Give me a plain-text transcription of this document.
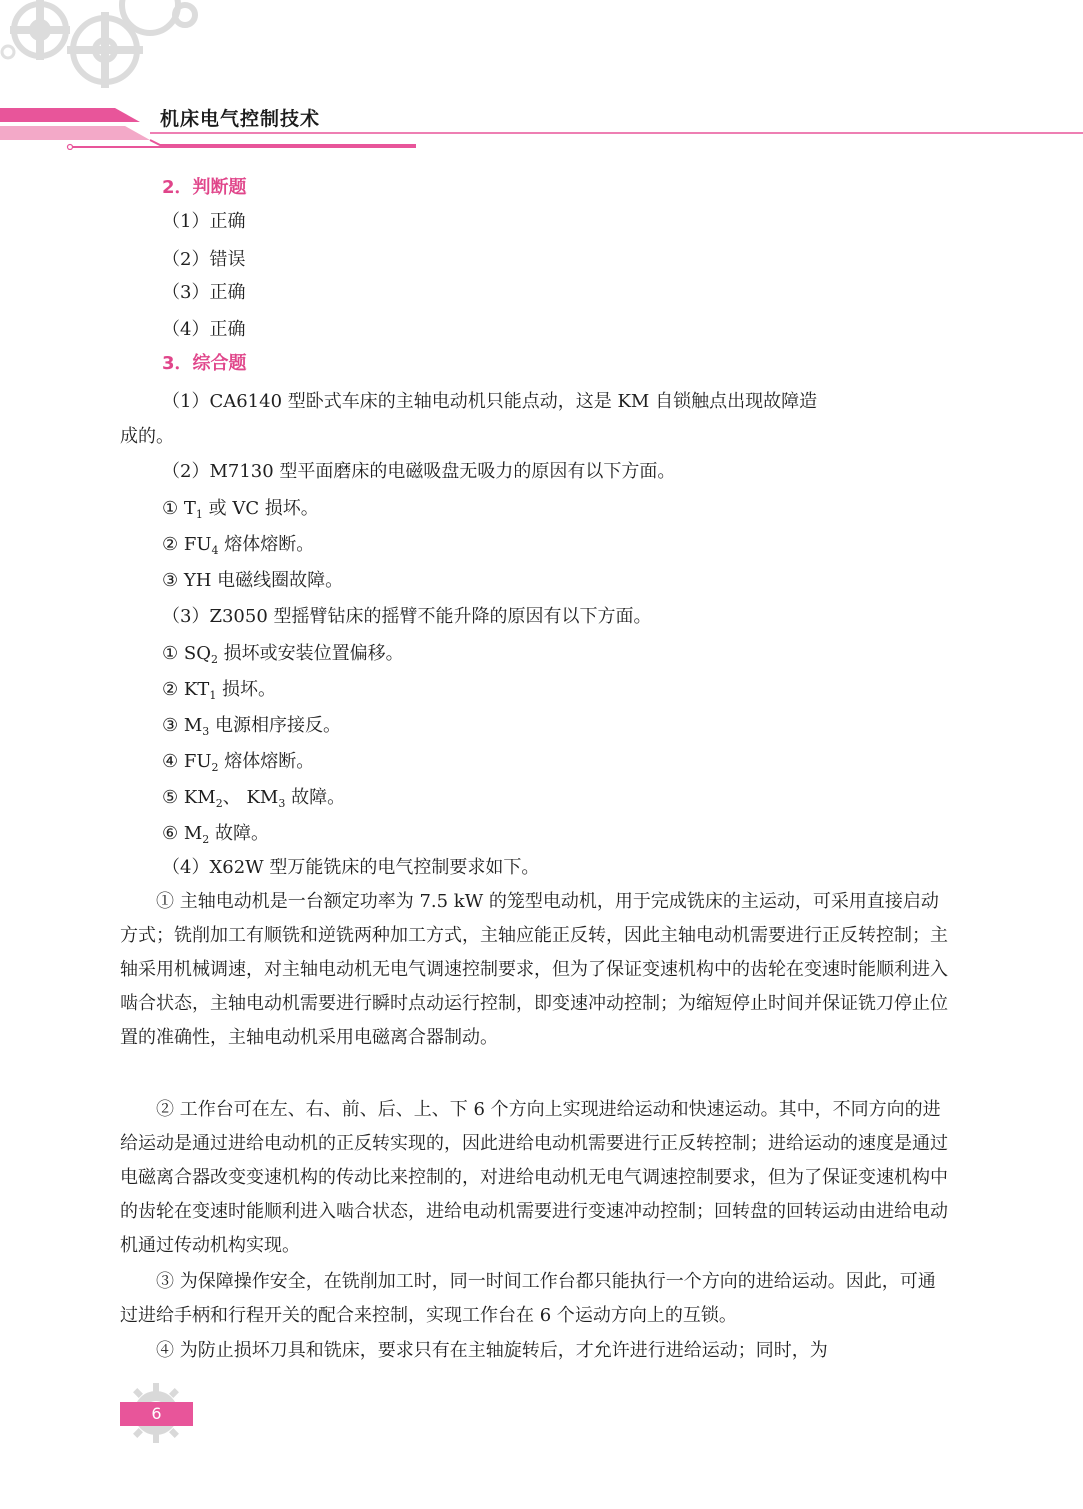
机床电气控制技术
2．判断题
（1）正确
（2）错误
（3）正确
（4）正确
3．综合题
（1）CA6140 型卧式车床的主轴电动机只能点动，这是 KM 自锁触点出现故障造
成的。
（2）M7130 型平面磨床的电磁吸盘无吸力的原因有以下方面。
① $T_1$ 或 VC 损坏。
② $FU_4$ 熔体熔断。
③ YH 电磁线圈故障。
（3）Z3050 型摇臂钻床的摇臂不能升降的原因有以下方面。
① $SQ_2$ 损坏或安装位置偏移。
② $KT_1$ 损坏。
③ $M_3$ 电源相序接反。
④ $FU_2$ 熔体熔断。
⑤ $KM_2$、 $KM_3$ 故障。
⑥ $M_2$ 故障。
（4）X62W 型万能铣床的电气控制要求如下。
① 主轴电动机是一台额定功率为 7.5 kW 的笼型电动机，用于完成铣床的主运动，可采用直接启动方式；铣削加工有顺铣和逆铣两种加工方式，主轴应能正反转，因此主轴电动机需要进行正反转控制；主轴采用机械调速，对主轴电动机无电气调速控制要求，但为了保证变速机构中的齿轮在变速时能顺利进入啮合状态，主轴电动机需要进行瞬时点动运行控制，即变速冲动控制；为缩短停止时间并保证铣刀停止位置的准确性，主轴电动机采用电磁离合器制动。
② 工作台可在左、右、前、后、上、下 6 个方向上实现进给运动和快速运动。其中，不同方向的进给运动是通过进给电动机的正反转实现的，因此进给电动机需要进行正反转控制；进给运动的速度是通过电磁离合器改变变速机构的传动比来控制的，对进给电动机无电气调速控制要求，但为了保证变速机构中的齿轮在变速时能顺利进入啮合状态，进给电动机需要进行变速冲动控制；回转盘的回转运动由进给电动机通过传动机构实现。
③ 为保障操作安全，在铣削加工时，同一时间工作台都只能执行一个方向的进给运动。因此，可通过进给手柄和行程开关的配合来控制，实现工作台在 6 个运动方向上的互锁。
④ 为防止损坏刀具和铣床，要求只有在主轴旋转后，才允许进行进给运动；同时，为
6
